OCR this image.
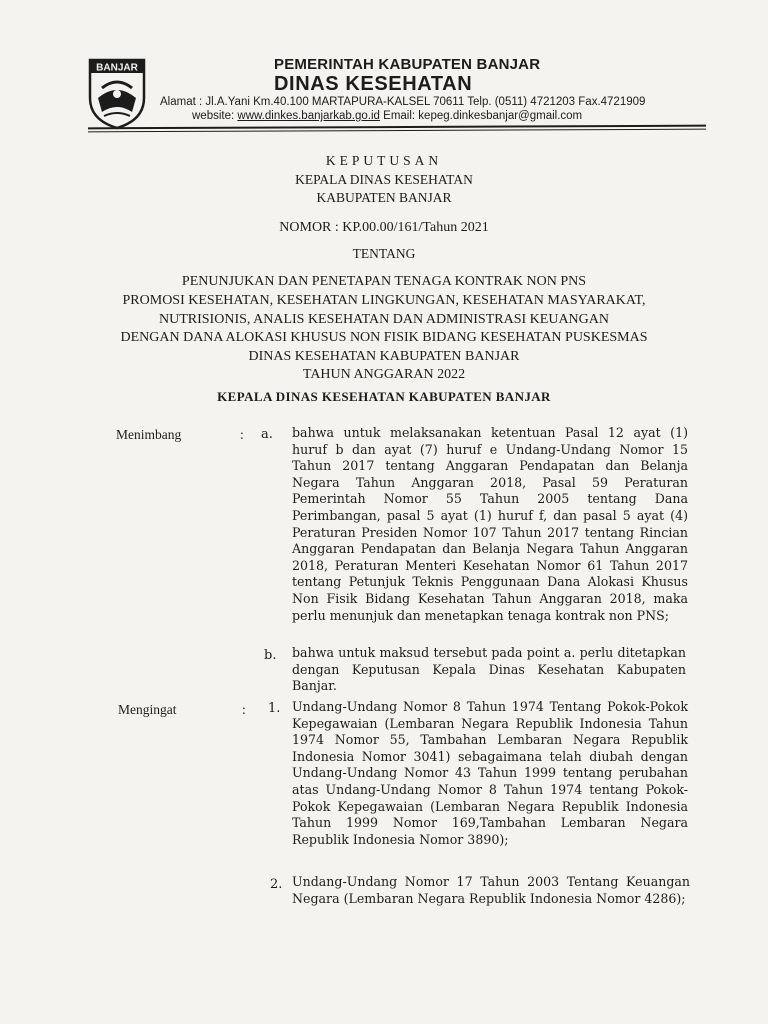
BANJAR	PEMERINTAH KABUPATEN BANJAR
DINAS KESEHATAN
Alamat : Jl.A.Yani Km.40.100 MARTAPURA-KALSEL 70611 Telp. (0511) 4721203 Fax.4721909
website: www.dinkes.banjarkab.go.id Email: kepeg.dinkesbanjar@gmail.com
KEPUTUSAN
KEPALA DINAS KESEHATAN
KABUPATEN BANJAR
NOMOR : KP.00.00/161/Tahun 2021
TENTANG
PENUNJUKAN DAN PENETAPAN TENAGA KONTRAK NON PNS
PROMOSI KESEHATAN, KESEHATAN LINGKUNGAN, KESEHATAN MASYARAKAT,
NUTRISIONIS, ANALIS KESEHATAN DAN ADMINISTRASI KEUANGAN
DENGAN DANA ALOKASI KHUSUS NON FISIK BIDANG KESEHATAN PUSKESMAS
DINAS KESEHATAN KABUPATEN BANJAR
TAHUN ANGGARAN 2022
KEPALA DINAS KESEHATAN KABUPATEN BANJAR
Menimbang	: a. bahwa untuk melaksanakan ketentuan Pasal 12 ayat (1) huruf b dan ayat (7) huruf e Undang-Undang Nomor 15 Tahun 2017 tentang Anggaran Pendapatan dan Belanja Negara Tahun Anggaran 2018, Pasal 59 Peraturan Pemerintah Nomor 55 Tahun 2005 tentang Dana Perimbangan, pasal 5 ayat (1) huruf f, dan pasal 5 ayat (4) Peraturan Presiden Nomor 107 Tahun 2017 tentang Rincian Anggaran Pendapatan dan Belanja Negara Tahun Anggaran 2018, Peraturan Menteri Kesehatan Nomor 61 Tahun 2017 tentang Petunjuk Teknis Penggunaan Dana Alokasi Khusus Non Fisik Bidang Kesehatan Tahun Anggaran 2018, maka perlu menunjuk dan menetapkan tenaga kontrak non PNS;
b. bahwa untuk maksud tersebut pada point a. perlu ditetapkan dengan Keputusan Kepala Dinas Kesehatan Kabupaten Banjar.
Mengingat	: 1. Undang-Undang Nomor 8 Tahun 1974 Tentang Pokok-Pokok Kepegawaian (Lembaran Negara Republik Indonesia Tahun 1974 Nomor 55, Tambahan Lembaran Negara Republik Indonesia Nomor 3041) sebagaimana telah diubah dengan Undang-Undang Nomor 43 Tahun 1999 tentang perubahan atas Undang-Undang Nomor 8 Tahun 1974 tentang Pokok-Pokok Kepegawaian (Lembaran Negara Republik Indonesia Tahun 1999 Nomor 169,Tambahan Lembaran Negara Republik Indonesia Nomor 3890);
2. Undang-Undang Nomor 17 Tahun 2003 Tentang Keuangan Negara (Lembaran Negara Republik Indonesia Nomor 4286);
